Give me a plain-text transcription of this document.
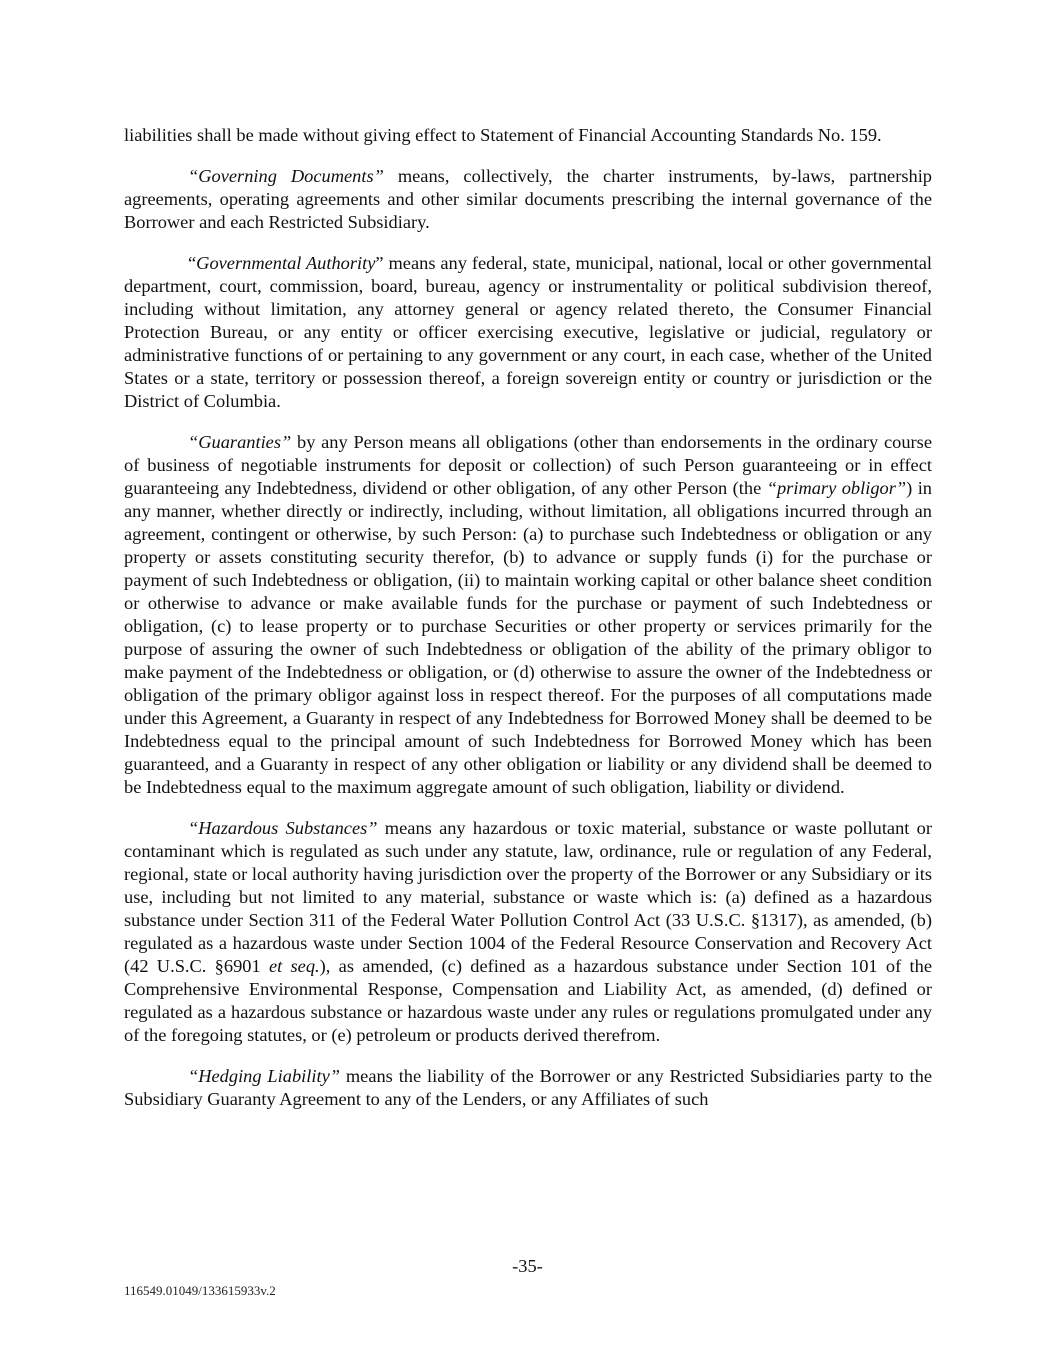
liabilities shall be made without giving effect to Statement of Financial Accounting Standards No. 159.

“Governing Documents” means, collectively, the charter instruments, by-laws, partnership agreements, operating agreements and other similar documents prescribing the internal governance of the Borrower and each Restricted Subsidiary.

“Governmental Authority” means any federal, state, municipal, national, local or other governmental department, court, commission, board, bureau, agency or instrumentality or political subdivision thereof, including without limitation, any attorney general or agency related thereto, the Consumer Financial Protection Bureau, or any entity or officer exercising executive, legislative or judicial, regulatory or administrative functions of or pertaining to any government or any court, in each case, whether of the United States or a state, territory or possession thereof, a foreign sovereign entity or country or jurisdiction or the District of Columbia.

“Guaranties” by any Person means all obligations (other than endorsements in the ordinary course of business of negotiable instruments for deposit or collection) of such Person guaranteeing or in effect guaranteeing any Indebtedness, dividend or other obligation, of any other Person (the “primary obligor”) in any manner, whether directly or indirectly, including, without limitation, all obligations incurred through an agreement, contingent or otherwise, by such Person: (a) to purchase such Indebtedness or obligation or any property or assets constituting security therefor, (b) to advance or supply funds (i) for the purchase or payment of such Indebtedness or obligation, (ii) to maintain working capital or other balance sheet condition or otherwise to advance or make available funds for the purchase or payment of such Indebtedness or obligation, (c) to lease property or to purchase Securities or other property or services primarily for the purpose of assuring the owner of such Indebtedness or obligation of the ability of the primary obligor to make payment of the Indebtedness or obligation, or (d) otherwise to assure the owner of the Indebtedness or obligation of the primary obligor against loss in respect thereof. For the purposes of all computations made under this Agreement, a Guaranty in respect of any Indebtedness for Borrowed Money shall be deemed to be Indebtedness equal to the principal amount of such Indebtedness for Borrowed Money which has been guaranteed, and a Guaranty in respect of any other obligation or liability or any dividend shall be deemed to be Indebtedness equal to the maximum aggregate amount of such obligation, liability or dividend.

“Hazardous Substances” means any hazardous or toxic material, substance or waste pollutant or contaminant which is regulated as such under any statute, law, ordinance, rule or regulation of any Federal, regional, state or local authority having jurisdiction over the property of the Borrower or any Subsidiary or its use, including but not limited to any material, substance or waste which is: (a) defined as a hazardous substance under Section 311 of the Federal Water Pollution Control Act (33 U.S.C. §1317), as amended, (b) regulated as a hazardous waste under Section 1004 of the Federal Resource Conservation and Recovery Act (42 U.S.C. §6901 et seq.), as amended, (c) defined as a hazardous substance under Section 101 of the Comprehensive Environmental Response, Compensation and Liability Act, as amended, (d) defined or regulated as a hazardous substance or hazardous waste under any rules or regulations promulgated under any of the foregoing statutes, or (e) petroleum or products derived therefrom.

“Hedging Liability” means the liability of the Borrower or any Restricted Subsidiaries party to the Subsidiary Guaranty Agreement to any of the Lenders, or any Affiliates of such

-35-
116549.01049/133615933v.2
